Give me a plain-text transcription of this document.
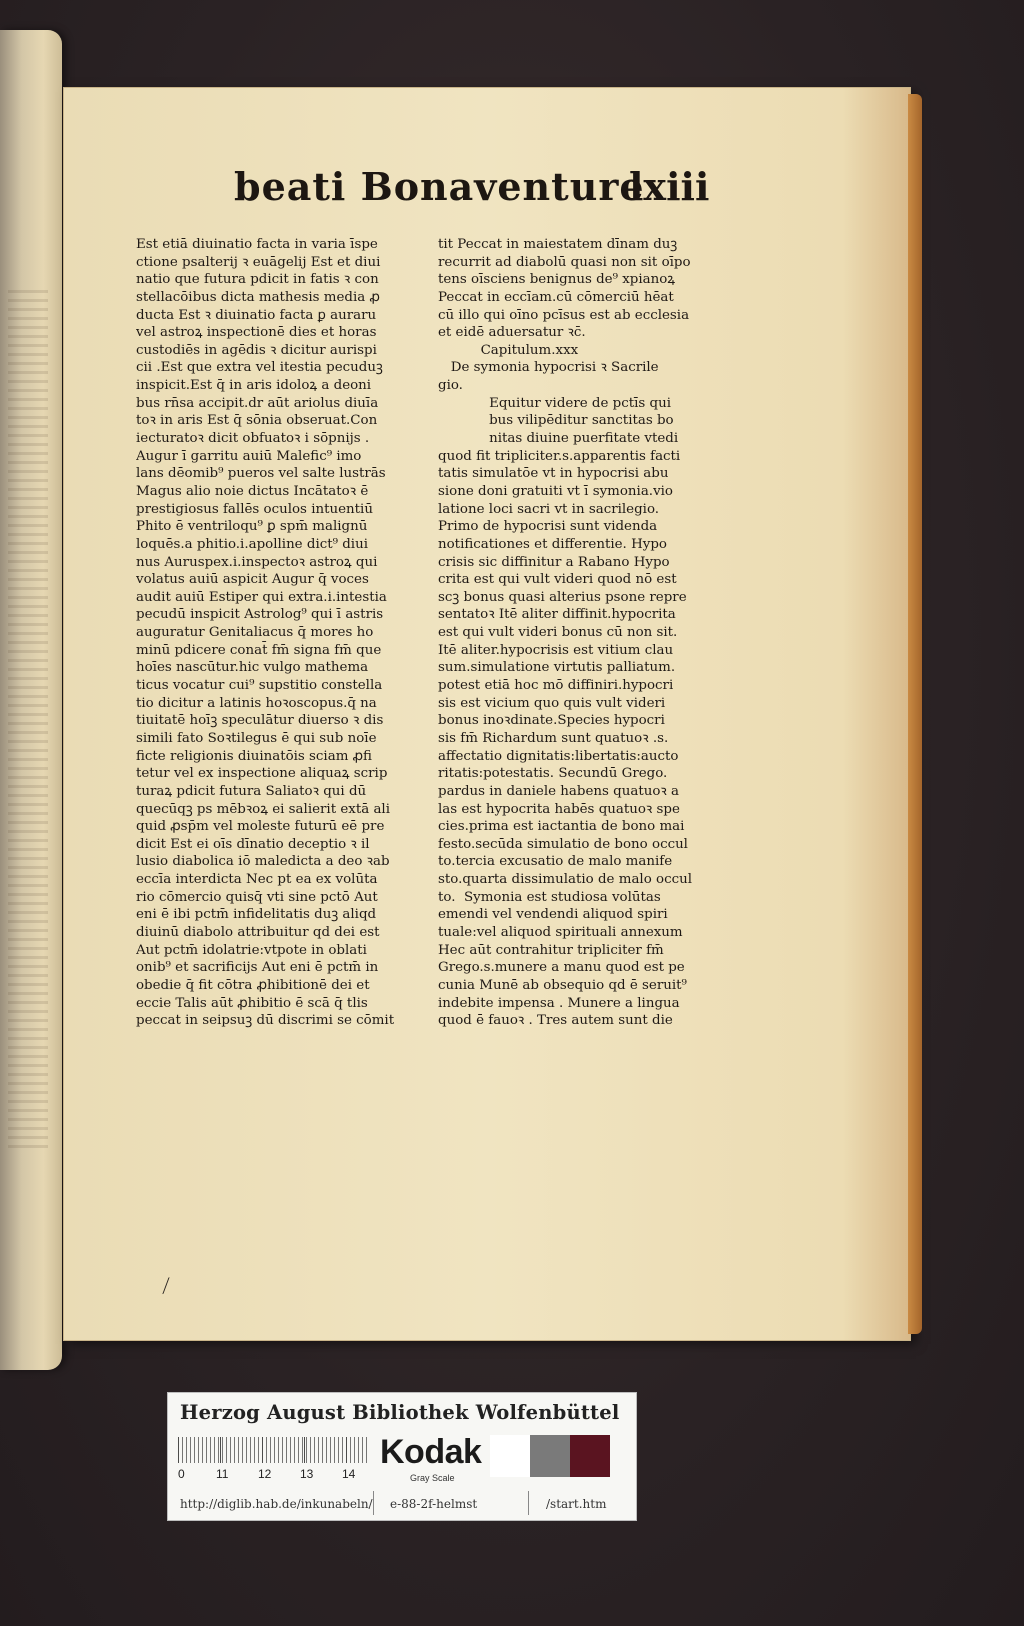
beati Bonaventure
lxiii
Est etiā diuinatio facta in varia īspe
ctione psalterij ꝛ euāgelij Est et diui
natio que futura pdicit in fatis ꝛ con
stellacōibus dicta mathesis media ꝓ
ducta Est ꝛ diuinatio facta ꝑ auraru
vel astroꝝ inspectionē dies et horas
custodiēs in agēdis ꝛ dicitur aurispi
cii .Est que extra vel itestia pecuduꝫ
inspicit.Est q̄ in aris idoloꝝ a deoni
bus rn̄sa accipit.dr aūt ariolus diuīa
toꝛ in aris Est q̄ sōnia obseruat.Con
iecturatoꝛ dicit obfuatoꝛ i sōpnijs .
Augur ī garritu auiū Malefic⁹ imo
lans dēomib⁹ pueros vel salte lustrās
Magus alio noie dictus Incātatoꝛ ē
prestigiosus fallēs oculos intuentiū
Phito ē ventriloqu⁹ ꝑ spm̄ malignū
loquēs.a phitio.i.apolline dict⁹ diui
nus Auruspex.i.inspectoꝛ astroꝝ qui
volatus auiū aspicit Augur q̄ voces
audit auiū Estiper qui extra.i.intestia
pecudū inspicit Astrolog⁹ qui ī astris
auguratur Genitaliacus q̄ mores ho
minū pdicere conat̄ fm̄ signa fm̄ que
hoīes nascūtur.hic vulgo mathema
ticus vocatur cui⁹ supstitio constella
tio dicitur a latinis hoꝛoscopus.q̄ na
tiuitatē hoīꝫ speculātur diuerso ꝛ dis
simili fato Soꝛtilegus ē qui sub noīe
ficte religionis diuinatōis sciam ꝓfi
tetur vel ex inspectione aliquaꝝ scrip
turaꝝ pdicit futura Saliatoꝛ qui dū
quecūqꝫ ps mēbꝛoꝝ ei salierit extā ali
quid ꝓsp̄m vel moleste futurū eē pre
dicit Est ei oīs dīnatio deceptio ꝛ il
lusio diabolica iō maledicta a deo ꝛab
eccīa interdicta Nec pt ea ex volūta
rio cōmercio quisq̄ vti sine pctō Aut
eni ē ibi pctm̄ infidelitatis duꝫ aliqd
diuinū diabolo attribuitur qd dei est
Aut pctm̄ idolatrie:vtpote in oblati
onib⁹ et sacrificijs Aut eni ē pctm̄ in
obedie q̄ fit cōtra ꝓhibitionē dei et
eccie Talis aūt ꝓhibitio ē scā q̄ tlis
peccat in seipsuꝫ dū discrimi se cōmit
tit Peccat in maiestatem dīnam duꝫ
recurrit ad diabolū quasi non sit oīpo
tens oīsciens benignus de⁹ xpianoꝝ
Peccat in eccīam.cū cōmerciū hēat
cū illo qui oīno pcīsus est ab ecclesia
et eidē aduersatur ꝛc̄.
Capitulum.xxx
De symonia hypocrisi ꝛ Sacrile
gio.
Equitur videre de pctīs qui
bus vilipēditur sanctitas bo
nitas diuine puerfitate vtedi
quod fit tripliciter.s.apparentis facti
tatis simulatōe vt in hypocrisi abu
sione doni gratuiti vt ī symonia.vio
latione loci sacri vt in sacrilegio.
Primo de hypocrisi sunt videnda
notificationes et differentie. Hypo
crisis sic diffinitur a Rabano Hypo
crita est qui vult videri quod nō est
scꝫ bonus quasi alterius psone repre
sentatoꝛ Itē aliter diffinit.hypocrita
est qui vult videri bonus cū non sit.
Itē aliter.hypocrisis est vitium clau
sum.simulatione virtutis palliatum.
potest etiā hoc mō diffiniri.hypocri
sis est vicium quo quis vult videri
bonus inoꝛdinate.Species hypocri
sis fm̄ Richardum sunt quatuoꝛ .s.
affectatio dignitatis:libertatis:aucto
ritatis:potestatis. Secundū Grego.
pardus in daniele habens quatuoꝛ a
las est hypocrita habēs quatuoꝛ spe
cies.prima est iactantia de bono mai
festo.secūda simulatio de bono occul
to.tercia excusatio de malo manife
sto.quarta dissimulatio de malo occul
to.  Symonia est studiosa volūtas
emendi vel vendendi aliquod spiri
tuale:vel aliquod spirituali annexum
Hec aūt contrahitur tripliciter fm̄
Grego.s.munere a manu quod est pe
cunia Munē ab obsequio qd ē seruit⁹
indebite impensa . Munere a lingua
quod ē fauoꝛ . Tres autem sunt die
⟋
Herzog August Bibliothek Wolfenbüttel
0	11 12 13 14
Kodak
Gray Scale
http://diglib.hab.de/inkunabeln/ e-88-2f-helmst	/start.htm
